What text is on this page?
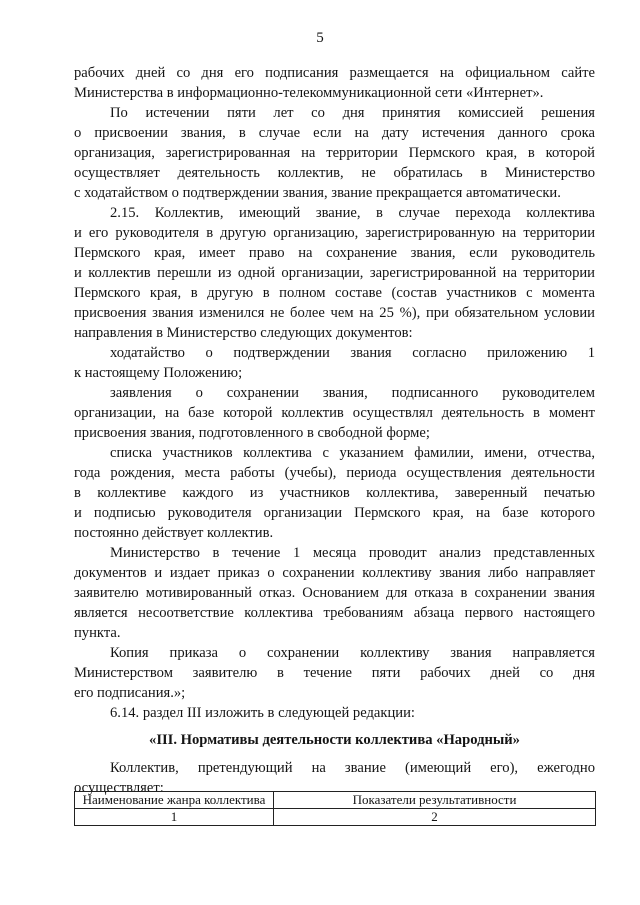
5
рабочих дней со дня его подписания размещается на официальном сайте
Министерства в информационно-телекоммуникационной сети «Интернет».
По истечении пяти лет со дня принятия комиссией решения
о присвоении звания, в случае если на дату истечения данного срока
организация, зарегистрированная на территории Пермского края, в которой
осуществляет деятельность коллектив, не обратилась в Министерство
с ходатайством о подтверждении звания, звание прекращается автоматически.
2.15. Коллектив, имеющий звание, в случае перехода коллектива
и его руководителя в другую организацию, зарегистрированную на территории
Пермского края, имеет право на сохранение звания, если руководитель
и коллектив перешли из одной организации, зарегистрированной на территории
Пермского края, в другую в полном составе (состав участников с момента
присвоения звания изменился не более чем на 25 %), при обязательном условии
направления в Министерство следующих документов:
ходатайство о подтверждении звания согласно приложению 1
к настоящему Положению;
заявления о сохранении звания, подписанного руководителем
организации, на базе которой коллектив осуществлял деятельность в момент
присвоения звания, подготовленного в свободной форме;
списка участников коллектива с указанием фамилии, имени, отчества,
года рождения, места работы (учебы), периода осуществления деятельности
в коллективе каждого из участников коллектива, заверенный печатью
и подписью руководителя организации Пермского края, на базе которого
постоянно действует коллектив.
Министерство в течение 1 месяца проводит анализ представленных
документов и издает приказ о сохранении коллективу звания либо направляет
заявителю мотивированный отказ. Основанием для отказа в сохранении звания
является несоответствие коллектива требованиям абзаца первого настоящего
пункта.
Копия приказа о сохранении коллективу звания направляется
Министерством заявителю в течение пяти рабочих дней со дня
его подписания.»;
6.14. раздел III изложить в следующей редакции:
«III. Нормативы деятельности коллектива «Народный»
Коллектив, претендующий на звание (имеющий его), ежегодно
осуществляет:
Наименование жанра коллектива	Показатели результативности
1	2
